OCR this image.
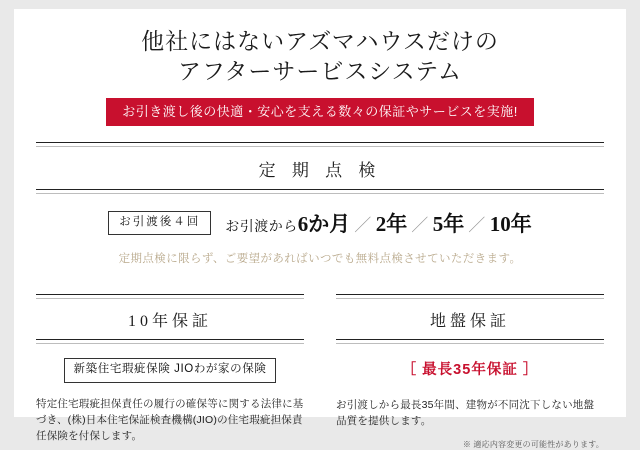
他社にはないアズマハウスだけの
アフターサービスシステム
お引き渡し後の快適・安心を支える数々の保証やサービスを実施!
定 期 点 検
お引渡後４回	お引渡から6か月 ／ 2年 ／ 5年 ／ 10年
定期点検に限らず、ご要望があればいつでも無料点検させていただきます。
10年保証
新築住宅瑕疵保険 JIOわが家の保険
特定住宅瑕疵担保責任の履行の確保等に関する法律に基づき、(株)日本住宅保証検査機構(JIO)の住宅瑕疵担保責任保険を付保します。
地盤保証
［ 最長35年保証 ］
お引渡しから最長35年間、建物が不同沈下しない地盤品質を提供します。
※ 適応内容変更の可能性があります。
